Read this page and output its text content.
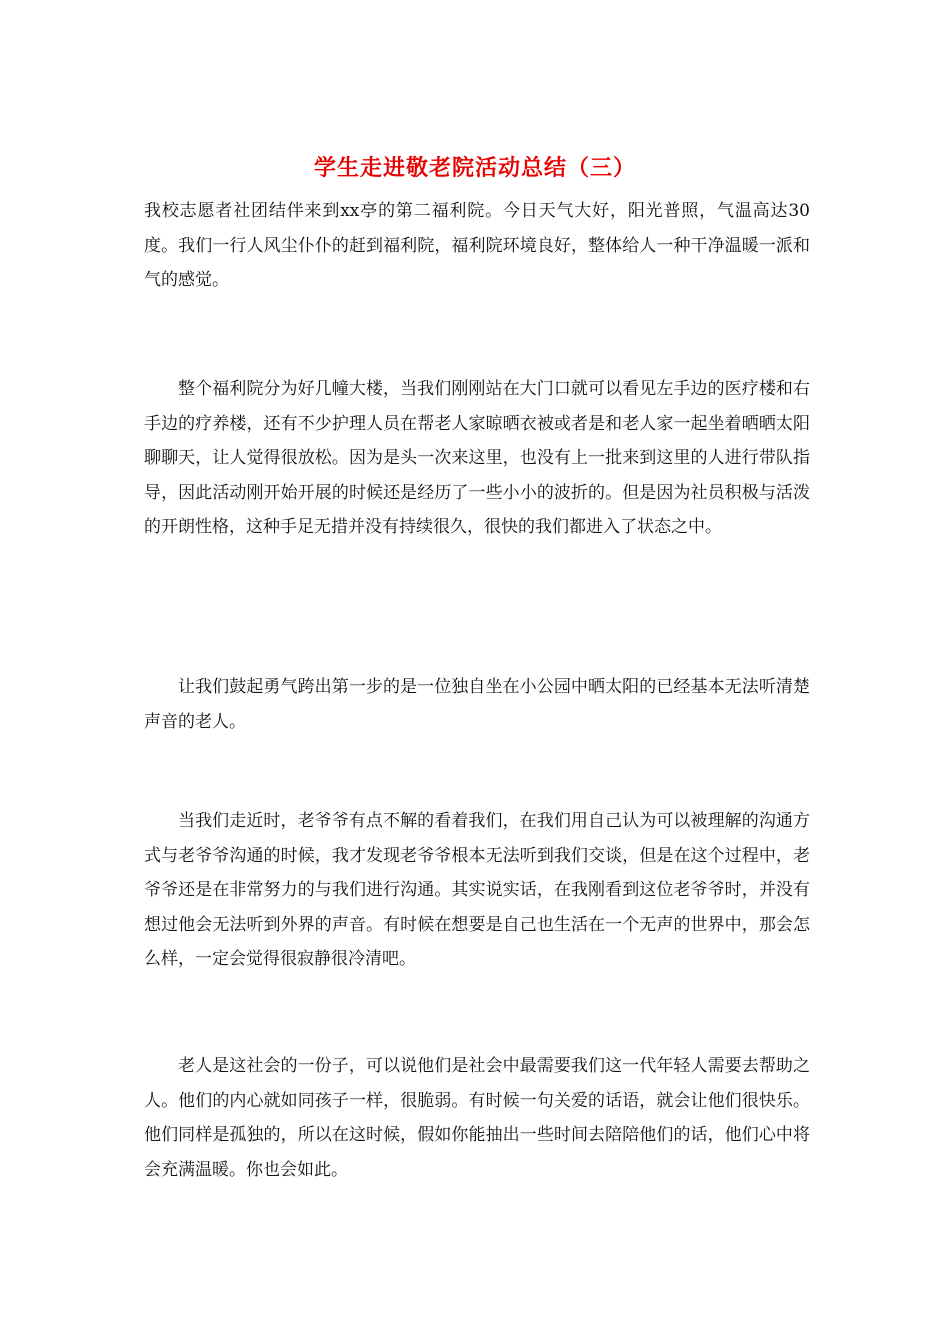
学生走进敬老院活动总结（三）

我校志愿者社团结伴来到xx亭的第二福利院。今日天气大好，阳光普照，气温高达30度。我们一行人风尘仆仆的赶到福利院，福利院环境良好，整体给人一种干净温暖一派和气的感觉。

整个福利院分为好几幢大楼，当我们刚刚站在大门口就可以看见左手边的医疗楼和右手边的疗养楼，还有不少护理人员在帮老人家晾晒衣被或者是和老人家一起坐着晒晒太阳聊聊天，让人觉得很放松。因为是头一次来这里，也没有上一批来到这里的人进行带队指导，因此活动刚开始开展的时候还是经历了一些小小的波折的。但是因为社员积极与活泼的开朗性格，这种手足无措并没有持续很久，很快的我们都进入了状态之中。

让我们鼓起勇气跨出第一步的是一位独自坐在小公园中晒太阳的已经基本无法听清楚声音的老人。

当我们走近时，老爷爷有点不解的看着我们，在我们用自己认为可以被理解的沟通方式与老爷爷沟通的时候，我才发现老爷爷根本无法听到我们交谈，但是在这个过程中，老爷爷还是在非常努力的与我们进行沟通。其实说实话，在我刚看到这位老爷爷时，并没有想过他会无法听到外界的声音。有时候在想要是自己也生活在一个无声的世界中，那会怎么样，一定会觉得很寂静很冷清吧。

老人是这社会的一份子，可以说他们是社会中最需要我们这一代年轻人需要去帮助之人。他们的内心就如同孩子一样，很脆弱。有时候一句关爱的话语，就会让他们很快乐。他们同样是孤独的，所以在这时候，假如你能抽出一些时间去陪陪他们的话，他们心中将会充满温暖。你也会如此。
